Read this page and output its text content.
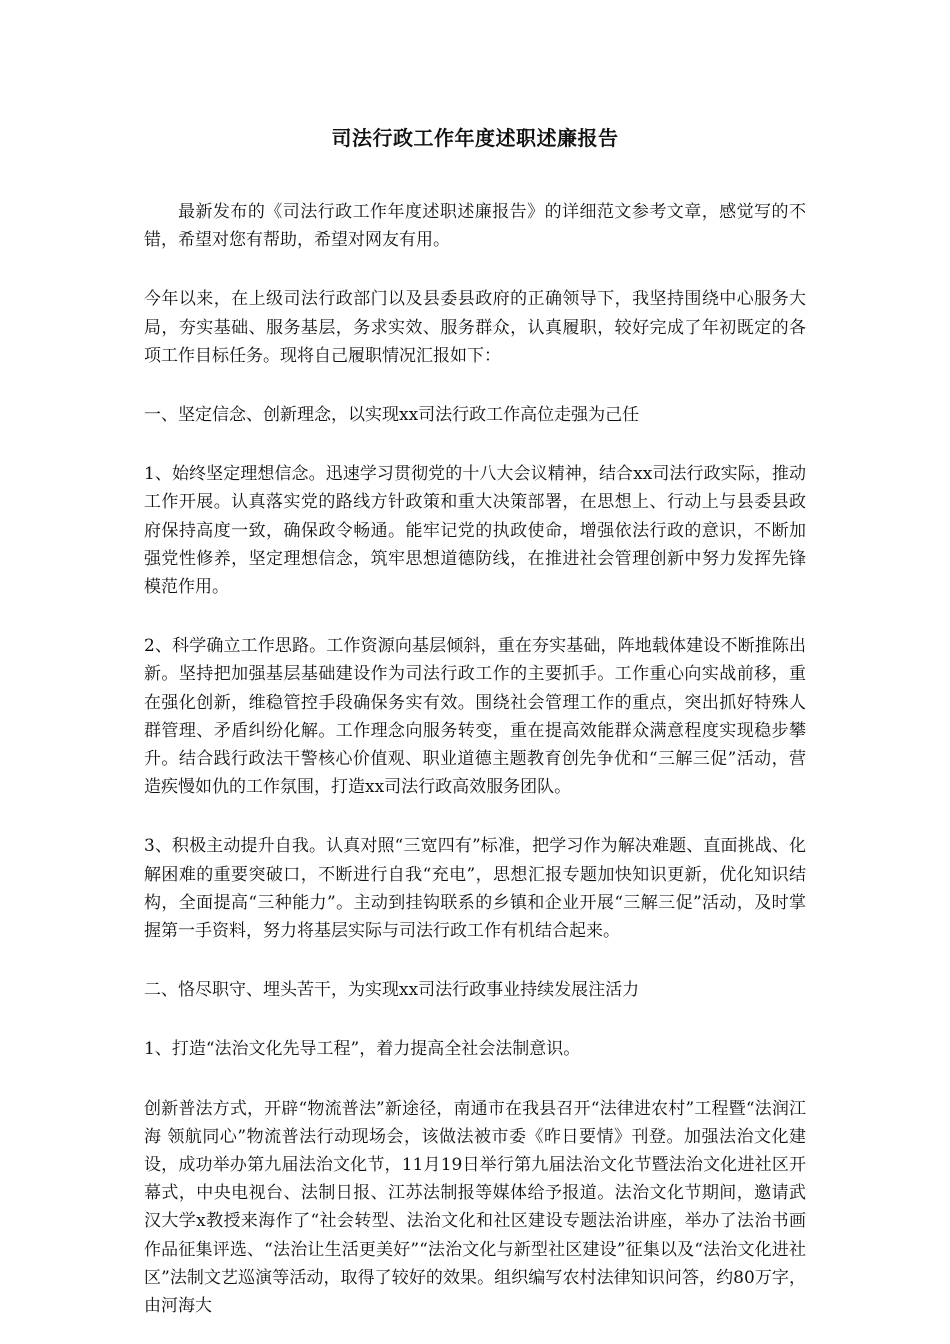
司法行政工作年度述职述廉报告

最新发布的《司法行政工作年度述职述廉报告》的详细范文参考文章，感觉写的不错，希望对您有帮助，希望对网友有用。

今年以来，在上级司法行政部门以及县委县政府的正确领导下，我坚持围绕中心服务大局，夯实基础、服务基层，务求实效、服务群众，认真履职，较好完成了年初既定的各项工作目标任务。现将自己履职情况汇报如下：

一、坚定信念、创新理念，以实现xx司法行政工作高位走强为己任

1、始终坚定理想信念。迅速学习贯彻党的十八大会议精神，结合xx司法行政实际，推动工作开展。认真落实党的路线方针政策和重大决策部署，在思想上、行动上与县委县政府保持高度一致，确保政令畅通。能牢记党的执政使命，增强依法行政的意识，不断加强党性修养，坚定理想信念，筑牢思想道德防线，在推进社会管理创新中努力发挥先锋模范作用。

2、科学确立工作思路。工作资源向基层倾斜，重在夯实基础，阵地载体建设不断推陈出新。坚持把加强基层基础建设作为司法行政工作的主要抓手。工作重心向实战前移，重在强化创新，维稳管控手段确保务实有效。围绕社会管理工作的重点，突出抓好特殊人群管理、矛盾纠纷化解。工作理念向服务转变，重在提高效能群众满意程度实现稳步攀升。结合践行政法干警核心价值观、职业道德主题教育创先争优和“三解三促”活动，营造疾慢如仇的工作氛围，打造xx司法行政高效服务团队。

3、积极主动提升自我。认真对照“三宽四有”标准，把学习作为解决难题、直面挑战、化解困难的重要突破口，不断进行自我“充电”，思想汇报专题加快知识更新，优化知识结构，全面提高“三种能力”。主动到挂钩联系的乡镇和企业开展“三解三促”活动，及时掌握第一手资料，努力将基层实际与司法行政工作有机结合起来。

二、恪尽职守、埋头苦干，为实现xx司法行政事业持续发展注活力

1、打造“法治文化先导工程”，着力提高全社会法制意识。

创新普法方式，开辟“物流普法”新途径，南通市在我县召开“法律进农村”工程暨“法润江海 领航同心”物流普法行动现场会，该做法被市委《昨日要情》刊登。加强法治文化建设，成功举办第九届法治文化节，11月19日举行第九届法治文化节暨法治文化进社区开幕式，中央电视台、法制日报、江苏法制报等媒体给予报道。法治文化节期间，邀请武汉大学x教授来海作了“社会转型、法治文化和社区建设专题法治讲座，举办了法治书画作品征集评选、“法治让生活更美好”“法治文化与新型社区建设”征集以及“法治文化进社区”法制文艺巡演等活动，取得了较好的效果。组织编写农村法律知识问答，约80万字，由河海大
